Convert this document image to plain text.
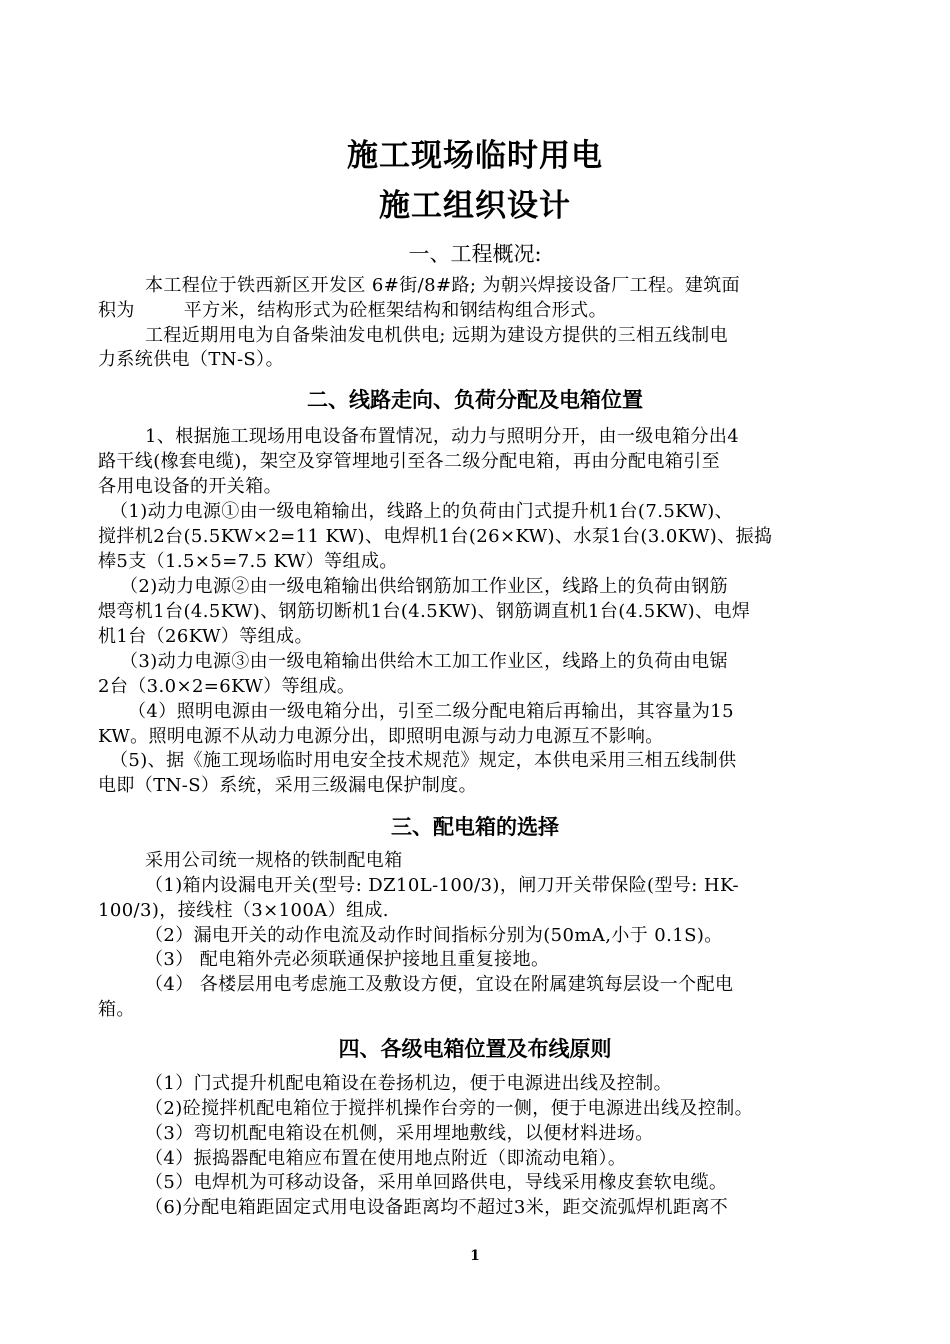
施工现场临时用电
施工组织设计
一、工程概况:
本工程位于铁西新区开发区 6#街/8#路; 为朝兴焊接设备厂工程。建筑面
积为        平方米，结构形式为砼框架结构和钢结构组合形式。
工程近期用电为自备柴油发电机供电; 远期为建设方提供的三相五线制电
力系统供电（TN-S）。
二、线路走向、负荷分配及电箱位置
1、根据施工现场用电设备布置情况，动力与照明分开，由一级电箱分出4
路干线(橡套电缆)，架空及穿管埋地引至各二级分配电箱，再由分配电箱引至
各用电设备的开关箱。
（1)动力电源①由一级电箱输出，线路上的负荷由门式提升机1台(7.5KW)、
搅拌机2台(5.5KW×2=11 KW)、电焊机1台(26×KW)、水泵1台(3.0KW)、振捣
棒5支（1.5×5=7.5 KW）等组成。
（2)动力电源②由一级电箱输出供给钢筋加工作业区，线路上的负荷由钢筋
煨弯机1台(4.5KW)、钢筋切断机1台(4.5KW)、钢筋调直机1台(4.5KW)、电焊
机1台（26KW）等组成。
（3)动力电源③由一级电箱输出供给木工加工作业区，线路上的负荷由电锯
2台（3.0×2=6KW）等组成。
（4）照明电源由一级电箱分出，引至二级分配电箱后再输出，其容量为15
KW。照明电源不从动力电源分出，即照明电源与动力电源互不影响。
（5)、据《施工现场临时用电安全技术规范》规定，本供电采用三相五线制供
电即（TN-S）系统，采用三级漏电保护制度。
三、配电箱的选择
采用公司统一规格的铁制配电箱
（1)箱内设漏电开关(型号: DZ10L-100/3)，闸刀开关带保险(型号: HK-
100/3)，接线柱（3×100A）组成.
（2）漏电开关的动作电流及动作时间指标分别为(50mA,小于 0.1S)。
（3） 配电箱外壳必须联通保护接地且重复接地。
（4） 各楼层用电考虑施工及敷设方便，宜设在附属建筑每层设一个配电
箱。
四、各级电箱位置及布线原则
（1）门式提升机配电箱设在卷扬机边，便于电源进出线及控制。
（2)砼搅拌机配电箱位于搅拌机操作台旁的一侧，便于电源进出线及控制。
（3）弯切机配电箱设在机侧，采用埋地敷线，以便材料进场。
（4）振捣器配电箱应布置在使用地点附近（即流动电箱）。
（5）电焊机为可移动设备，采用单回路供电，导线采用橡皮套软电缆。
（6)分配电箱距固定式用电设备距离均不超过3米，距交流弧焊机距离不
1
